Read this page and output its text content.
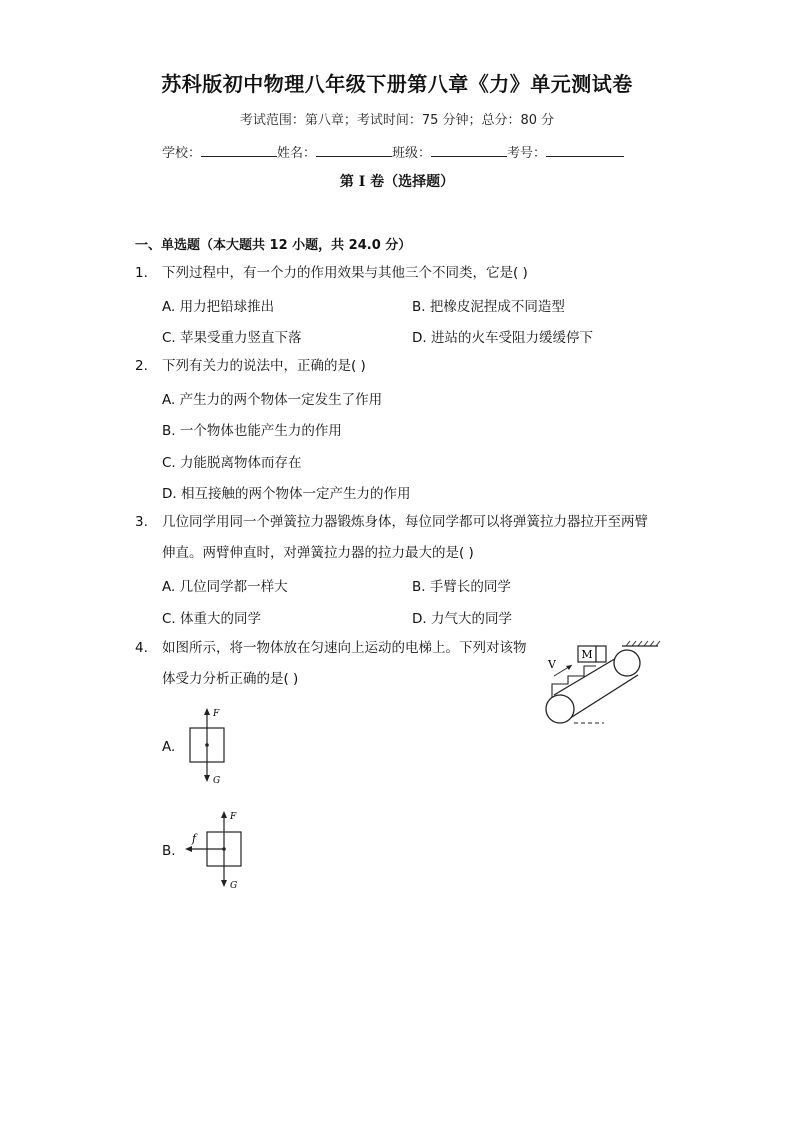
苏科版初中物理八年级下册第八章《力》单元测试卷
考试范围：第八章；考试时间：75 分钟；总分：80 分
学校：	姓名：	班级：	考号：
第 I 卷（选择题）
一、单选题（本大题共 12 小题，共 24.0 分）
1.	下列过程中，有一个力的作用效果与其他三个不同类，它是( )
A. 用力把铅球推出	B. 把橡皮泥捏成不同造型
C. 苹果受重力竖直下落	D. 进站的火车受阻力缓缓停下
2.	下列有关力的说法中，正确的是( )
A. 产生力的两个物体一定发生了作用
B. 一个物体也能产生力的作用
C. 力能脱离物体而存在
D. 相互接触的两个物体一定产生力的作用
3.	几位同学用同一个弹簧拉力器锻炼身体，每位同学都可以将弹簧拉力器拉开至两臂
伸直。两臂伸直时，对弹簧拉力器的拉力最大的是( )
A. 几位同学都一样大	B. 手臂长的同学
C. 体重大的同学	D. 力气大的同学
4.	如图所示，将一物体放在匀速向上运动的电梯上。下列对该物
体受力分析正确的是( )
M
V
A.
F
G
B.
F
f
G
